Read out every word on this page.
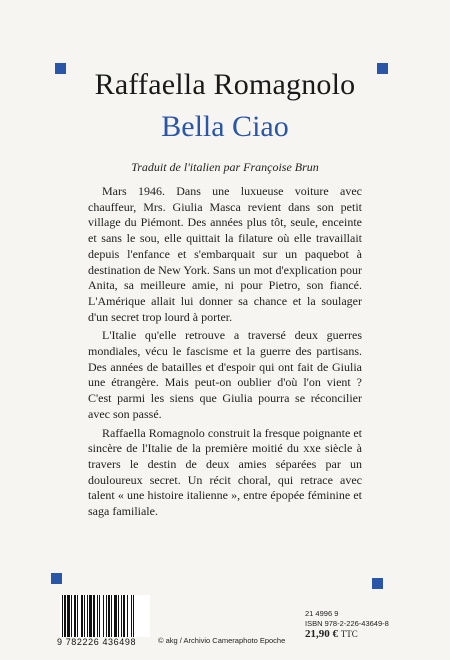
Raffaella Romagnolo
Bella Ciao
Traduit de l'italien par Françoise Brun

Mars 1946. Dans une luxueuse voiture avec chauffeur, Mrs. Giulia Masca revient dans son petit village du Piémont. Des années plus tôt, seule, enceinte et sans le sou, elle quittait la filature où elle travaillait depuis l'enfance et s'embarquait sur un paquebot à destination de New York. Sans un mot d'explication pour Anita, sa meilleure amie, ni pour Pietro, son fiancé. L'Amérique allait lui donner sa chance et la soulager d'un secret trop lourd à porter.

L'Italie qu'elle retrouve a traversé deux guerres mondiales, vécu le fascisme et la guerre des partisans. Des années de batailles et d'espoir qui ont fait de Giulia une étrangère. Mais peut-on oublier d'où l'on vient ? C'est parmi les siens que Giulia pourra se réconcilier avec son passé.

Raffaella Romagnolo construit la fresque poignante et sincère de l'Italie de la première moitié du xxe siècle à travers le destin de deux amies séparées par un douloureux secret. Un récit choral, qui retrace avec talent « une histoire italienne », entre épopée féminine et saga familiale.

9 782226 436498	© akg / Archivio Cameraphoto Epoche
21 4996 9
ISBN 978-2-226-43649-8
21,90 € TTC
